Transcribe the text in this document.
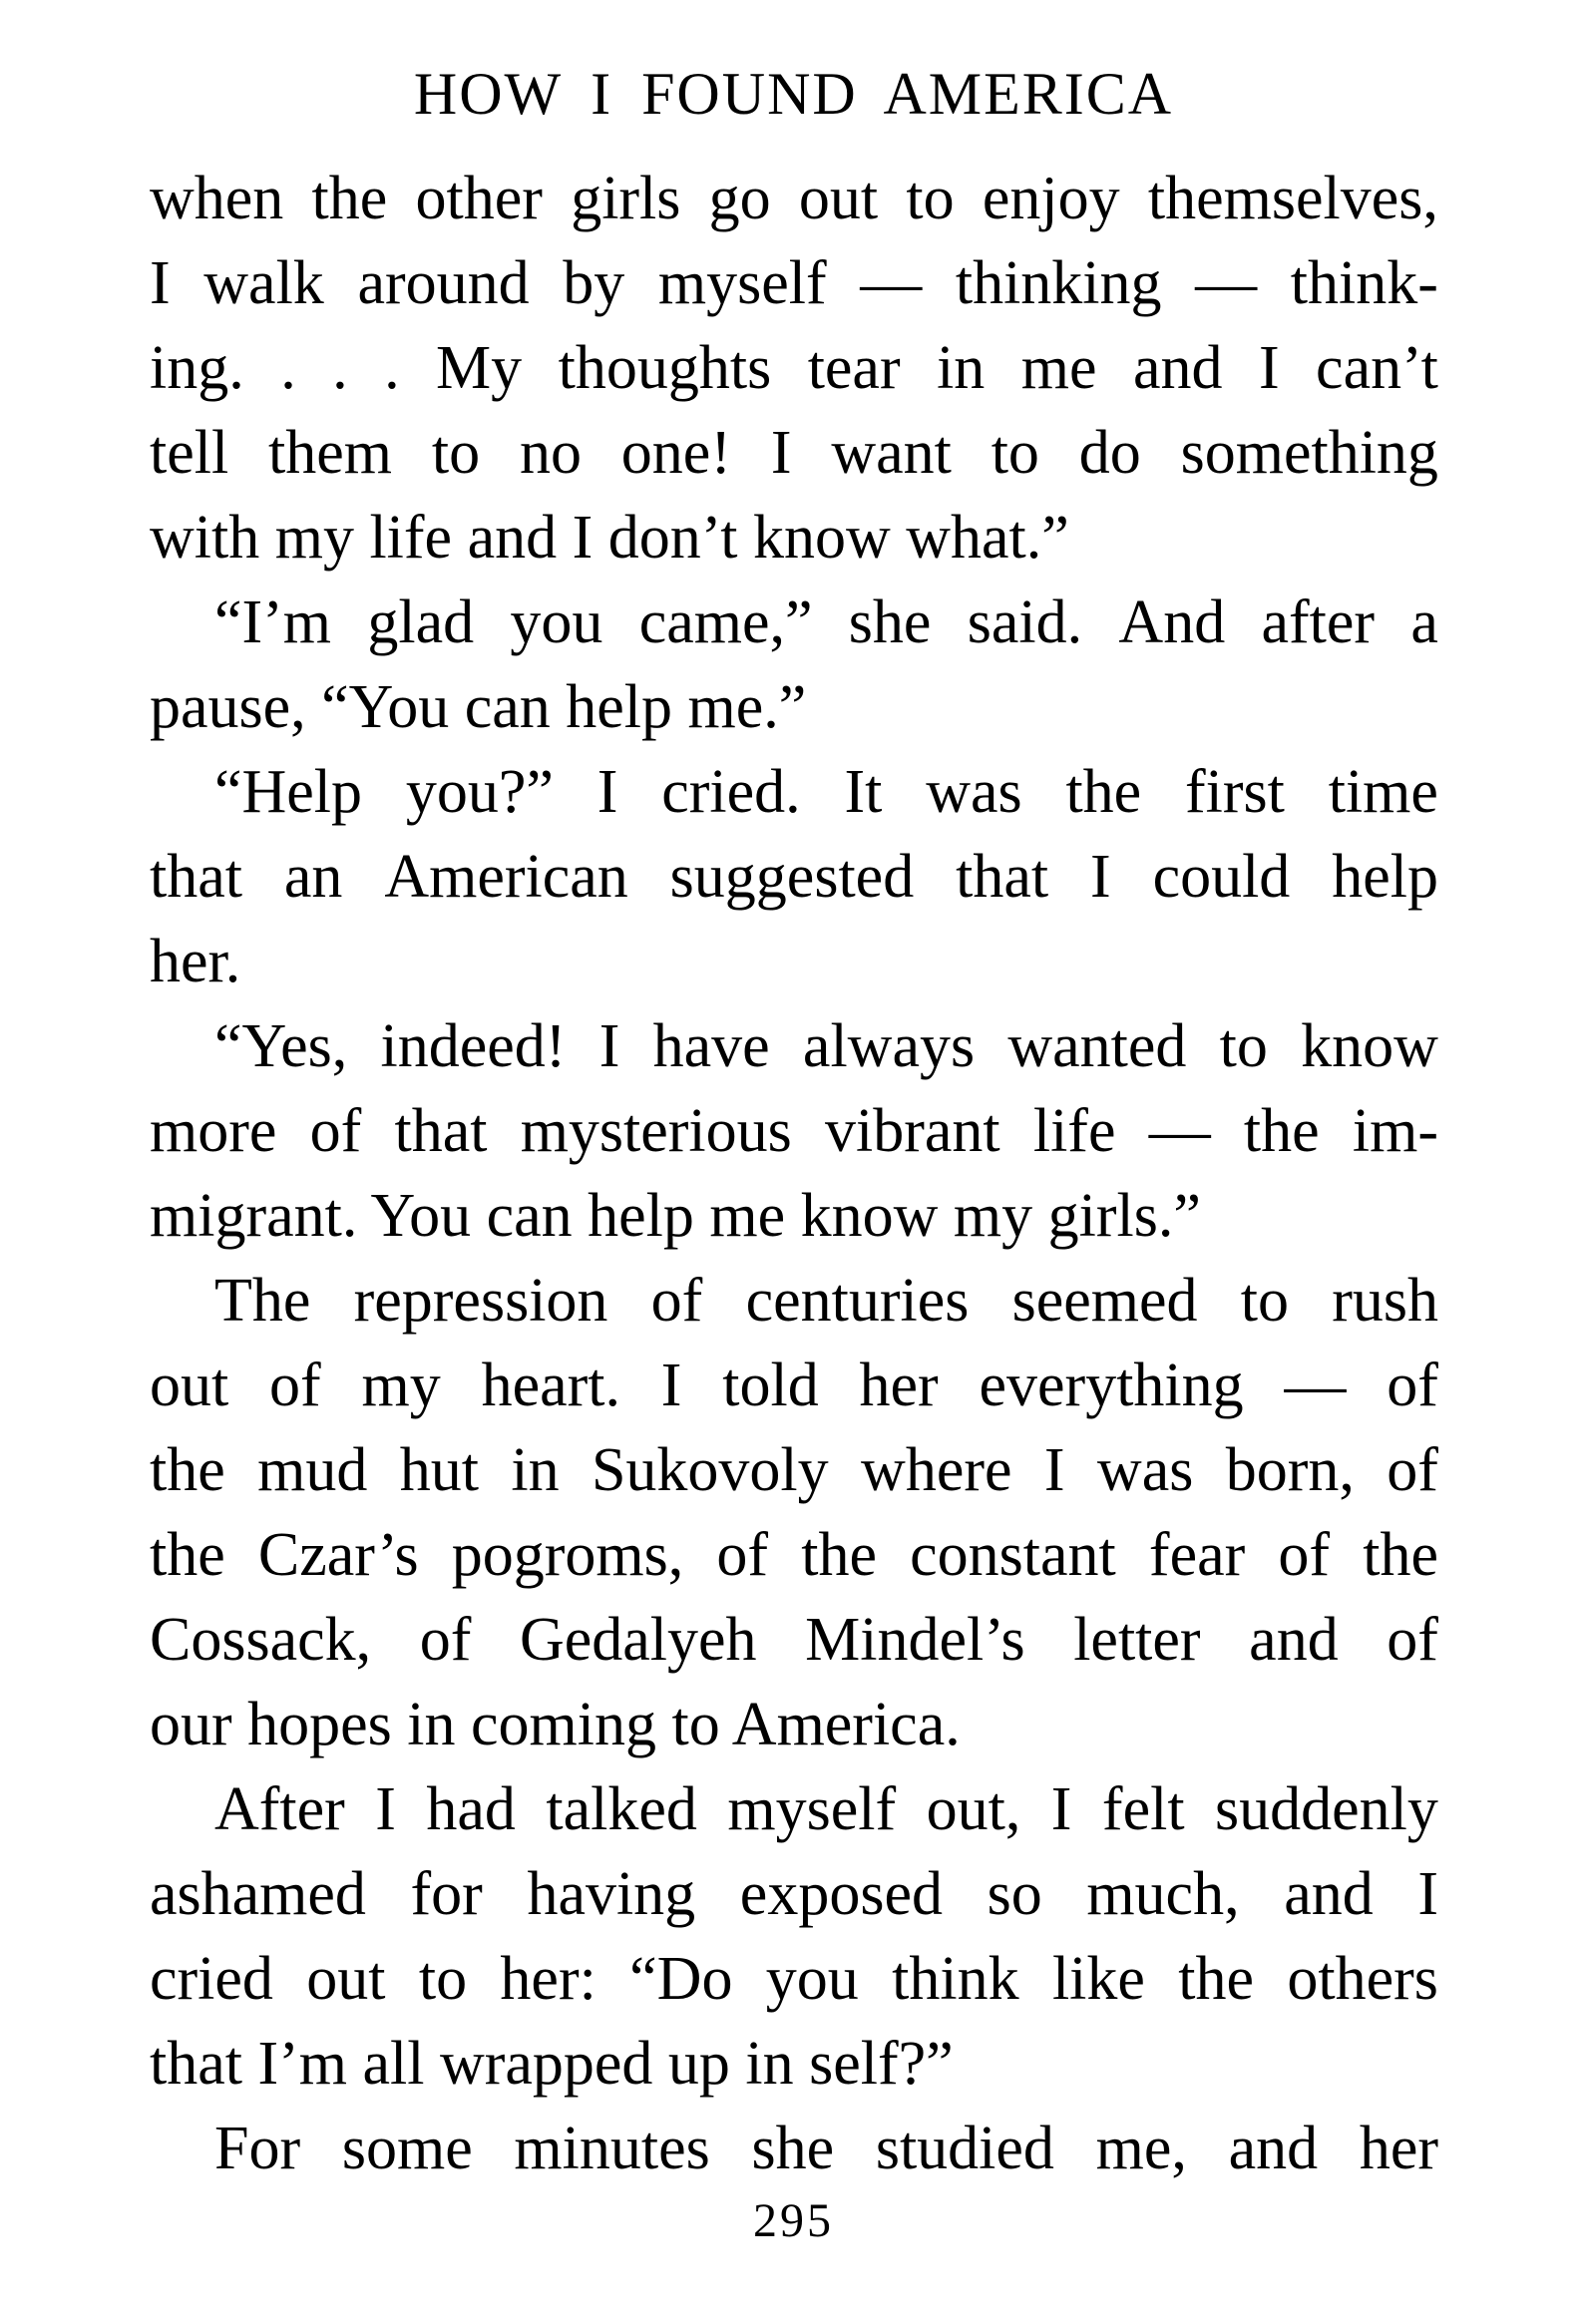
HOW I FOUND AMERICA
when the other girls go out to enjoy themselves,
I walk around by myself — thinking — think-
ing. . . . My thoughts tear in me and I can’t
tell them to no one! I want to do something
with my life and I don’t know what.”
“I’m glad you came,” she said. And after a
pause, “You can help me.”
“Help you?” I cried. It was the first time
that an American suggested that I could help
her.
“Yes, indeed! I have always wanted to know
more of that mysterious vibrant life — the im-
migrant. You can help me know my girls.”
The repression of centuries seemed to rush
out of my heart. I told her everything — of
the mud hut in Sukovoly where I was born, of
the Czar’s pogroms, of the constant fear of the
Cossack, of Gedalyeh Mindel’s letter and of
our hopes in coming to America.
After I had talked myself out, I felt suddenly
ashamed for having exposed so much, and I
cried out to her: “Do you think like the others
that I’m all wrapped up in self?”
For some minutes she studied me, and her
295
